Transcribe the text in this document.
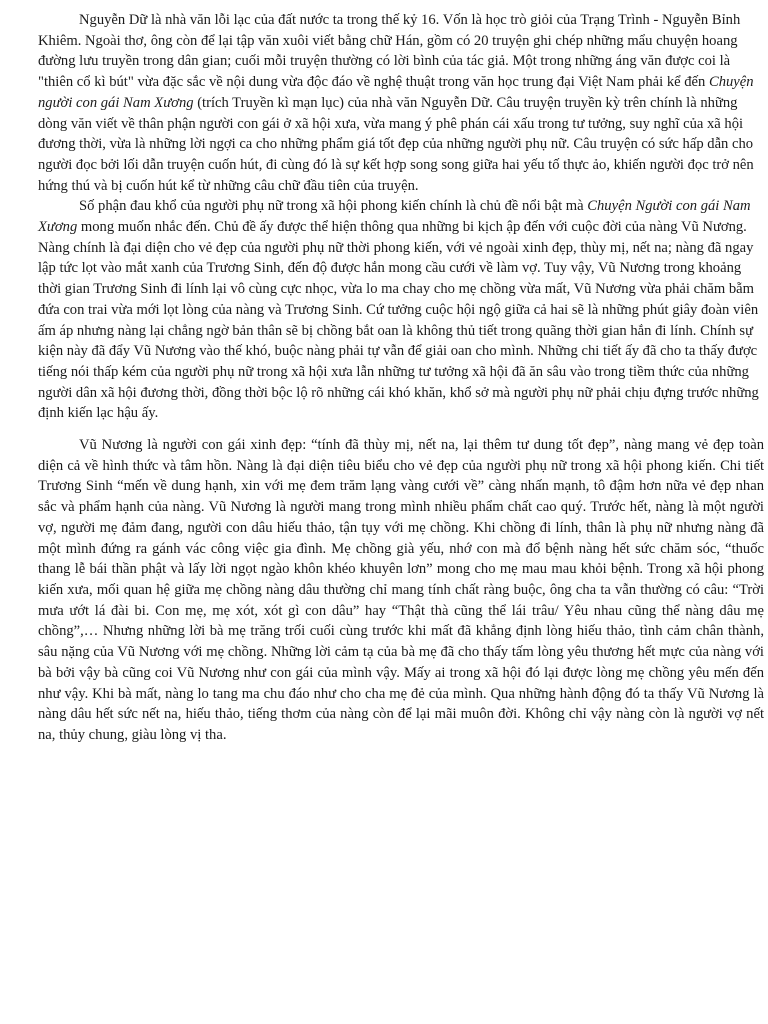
Nguyễn Dữ là nhà văn lỗi lạc của đất nước ta trong thế kỷ 16. Vốn là học trò giỏi của Trạng Trình - Nguyễn Bỉnh Khiêm. Ngoài thơ, ông còn để lại tập văn xuôi viết bằng chữ Hán, gồm có 20 truyện ghi chép những mẩu chuyện hoang đường lưu truyền trong dân gian; cuối mỗi truyện thường có lời bình của tác giả. Một trong những áng văn được coi là "thiên cổ kì bút" vừa đặc sắc về nội dung vừa độc đáo về nghệ thuật trong văn học trung đại Việt Nam phải kể đến Chuyện người con gái Nam Xương (trích Truyền kì mạn lục) của nhà văn Nguyễn Dữ. Câu truyện truyền kỳ trên chính là những dòng văn viết về thân phận người con gái ở xã hội xưa, vừa mang ý phê phán cái xấu trong tư tưởng, suy nghĩ của xã hội đương thời, vừa là những lời ngợi ca cho những phẩm giá tốt đẹp của những người phụ nữ. Câu truyện có sức hấp dẫn cho người đọc bởi lối dẫn truyện cuốn hút, đi cùng đó là sự kết hợp song song giữa hai yếu tố thực ảo, khiến người đọc trở nên hứng thú và bị cuốn hút kể từ những câu chữ đầu tiên của truyện.

Số phận đau khổ của người phụ nữ trong xã hội phong kiến chính là chủ đề nổi bật mà Chuyện Người con gái Nam Xương mong muốn nhắc đến. Chủ đề ấy được thể hiện thông qua những bi kịch ập đến với cuộc đời của nàng Vũ Nương. Nàng chính là đại diện cho vẻ đẹp của người phụ nữ thời phong kiến, với vẻ ngoài xinh đẹp, thùy mị, nết na; nàng đã ngay lập tức lọt vào mắt xanh của Trương Sinh, đến độ được hắn mong cầu cưới về làm vợ. Tuy vậy, Vũ Nương trong khoảng thời gian Trương Sinh đi lính lại vô cùng cực nhọc, vừa lo ma chay cho mẹ chồng vừa mất, Vũ Nương vừa phải chăm bẵm đứa con trai vừa mới lọt lòng của nàng và Trương Sinh. Cứ tưởng cuộc hội ngộ giữa cả hai sẽ là những phút giây đoàn viên ấm áp nhưng nàng lại chẳng ngờ bản thân sẽ bị chồng bắt oan là không thủ tiết trong quãng thời gian hắn đi lính. Chính sự kiện này đã đẩy Vũ Nương vào thế khó, buộc nàng phải tự vẫn để giải oan cho mình. Những chi tiết ấy đã cho ta thấy được tiếng nói thấp kém của người phụ nữ trong xã hội xưa lẫn những tư tưởng xã hội đã ăn sâu vào trong tiềm thức của những người dân xã hội đương thời, đồng thời bộc lộ rõ những cái khó khăn, khổ sở mà người phụ nữ phải chịu đựng trước những định kiến lạc hậu ấy.

Vũ Nương là người con gái xinh đẹp: “tính đã thùy mị, nết na, lại thêm tư dung tốt đẹp”, nàng mang vẻ đẹp toàn diện cả về hình thức và tâm hồn. Nàng là đại diện tiêu biểu cho vẻ đẹp của người phụ nữ trong xã hội phong kiến. Chi tiết Trương Sinh “mến về dung hạnh, xin với mẹ đem trăm lạng vàng cưới về” càng nhấn mạnh, tô đậm hơn nữa vẻ đẹp nhan sắc và phẩm hạnh của nàng. Vũ Nương là người mang trong mình nhiều phẩm chất cao quý. Trước hết, nàng là một người vợ, người mẹ đảm đang, người con dâu hiếu thảo, tận tụy với mẹ chồng. Khi chồng đi lính, thân là phụ nữ nhưng nàng đã một mình đứng ra gánh vác công việc gia đình. Mẹ chồng già yếu, nhớ con mà đổ bệnh nàng hết sức chăm sóc, “thuốc thang lễ bái thần phật và lấy lời ngọt ngào khôn khéo khuyên lơn” mong cho mẹ mau mau khỏi bệnh. Trong xã hội phong kiến xưa, mối quan hệ giữa mẹ chồng nàng dâu thường chỉ mang tính chất ràng buộc, ông cha ta vẫn thường có câu: “Trời mưa ướt lá đài bi. Con mẹ, mẹ xót, xót gì con dâu” hay “Thật thà cũng thể lái trâu/ Yêu nhau cũng thể nàng dâu mẹ chồng”,… Nhưng những lời bà mẹ trăng trối cuối cùng trước khi mất đã khẳng định lòng hiếu thảo, tình cảm chân thành, sâu nặng của Vũ Nương với mẹ chồng. Những lời cảm tạ của bà mẹ đã cho thấy tấm lòng yêu thương hết mực của nàng với bà bởi vậy bà cũng coi Vũ Nương như con gái của mình vậy. Mấy ai trong xã hội đó lại được lòng mẹ chồng yêu mến đến như vậy. Khi bà mất, nàng lo tang ma chu đáo như cho cha mẹ đẻ của mình. Qua những hành động đó ta thấy Vũ Nương là nàng dâu hết sức nết na, hiếu thảo, tiếng thơm của nàng còn để lại mãi muôn đời. Không chỉ vậy nàng còn là người vợ nết na, thủy chung, giàu lòng vị tha.
